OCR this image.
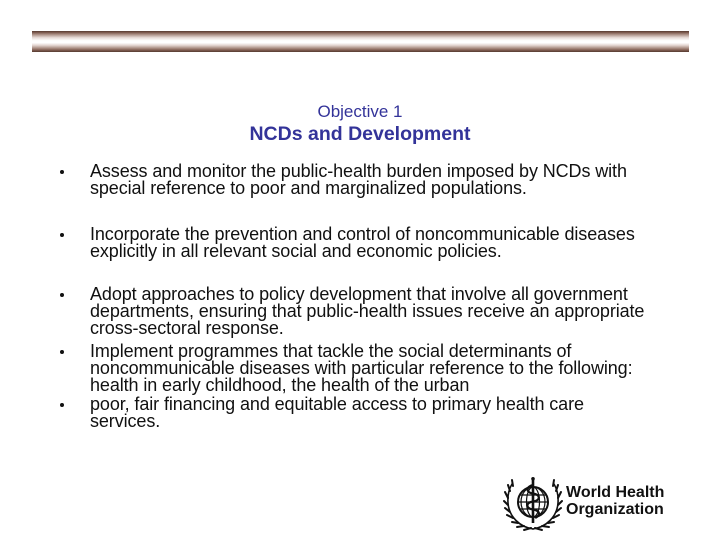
Objective 1
NCDs and Development
Assess and monitor the public-health burden imposed by NCDs with
special reference to poor and marginalized populations.
Incorporate the prevention and control of noncommunicable diseases
explicitly in all relevant social and economic policies.
Adopt approaches to policy development that involve all government
departments, ensuring that public-health issues receive an appropriate
cross-sectoral response.
Implement programmes that tackle the social determinants of
noncommunicable diseases with particular reference to the following:
health in early childhood, the health of the urban
poor, fair financing and equitable access to primary health care
services.
World Health
Organization
